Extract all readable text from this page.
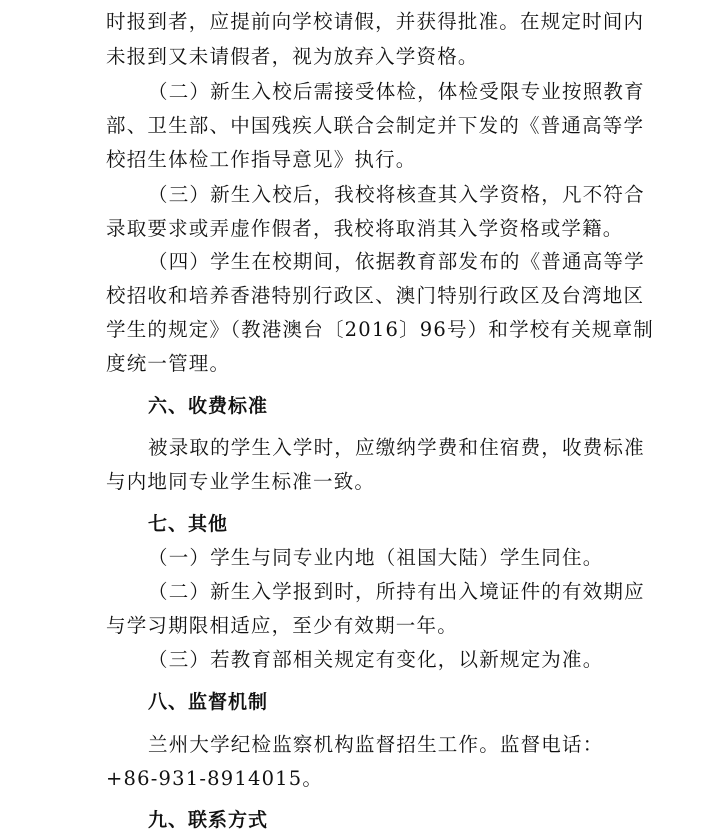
时报到者，应提前向学校请假，并获得批准。在规定时间内

未报到又未请假者，视为放弃入学资格。

（二）新生入校后需接受体检，体检受限专业按照教育

部、卫生部、中国残疾人联合会制定并下发的《普通高等学

校招生体检工作指导意见》执行。

（三）新生入校后，我校将核查其入学资格，凡不符合

录取要求或弄虚作假者，我校将取消其入学资格或学籍。

（四）学生在校期间，依据教育部发布的《普通高等学

校招收和培养香港特别行政区、澳门特别行政区及台湾地区

学生的规定》（教港澳台〔2016〕96号）和学校有关规章制

度统一管理。

六、收费标准

被录取的学生入学时，应缴纳学费和住宿费，收费标准

与内地同专业学生标准一致。

七、其他

（一）学生与同专业内地（祖国大陆）学生同住。

（二）新生入学报到时，所持有出入境证件的有效期应

与学习期限相适应，至少有效期一年。

（三）若教育部相关规定有变化，以新规定为准。

八、监督机制

兰州大学纪检监察机构监督招生工作。监督电话：

+86-931-8914015。

九、联系方式
